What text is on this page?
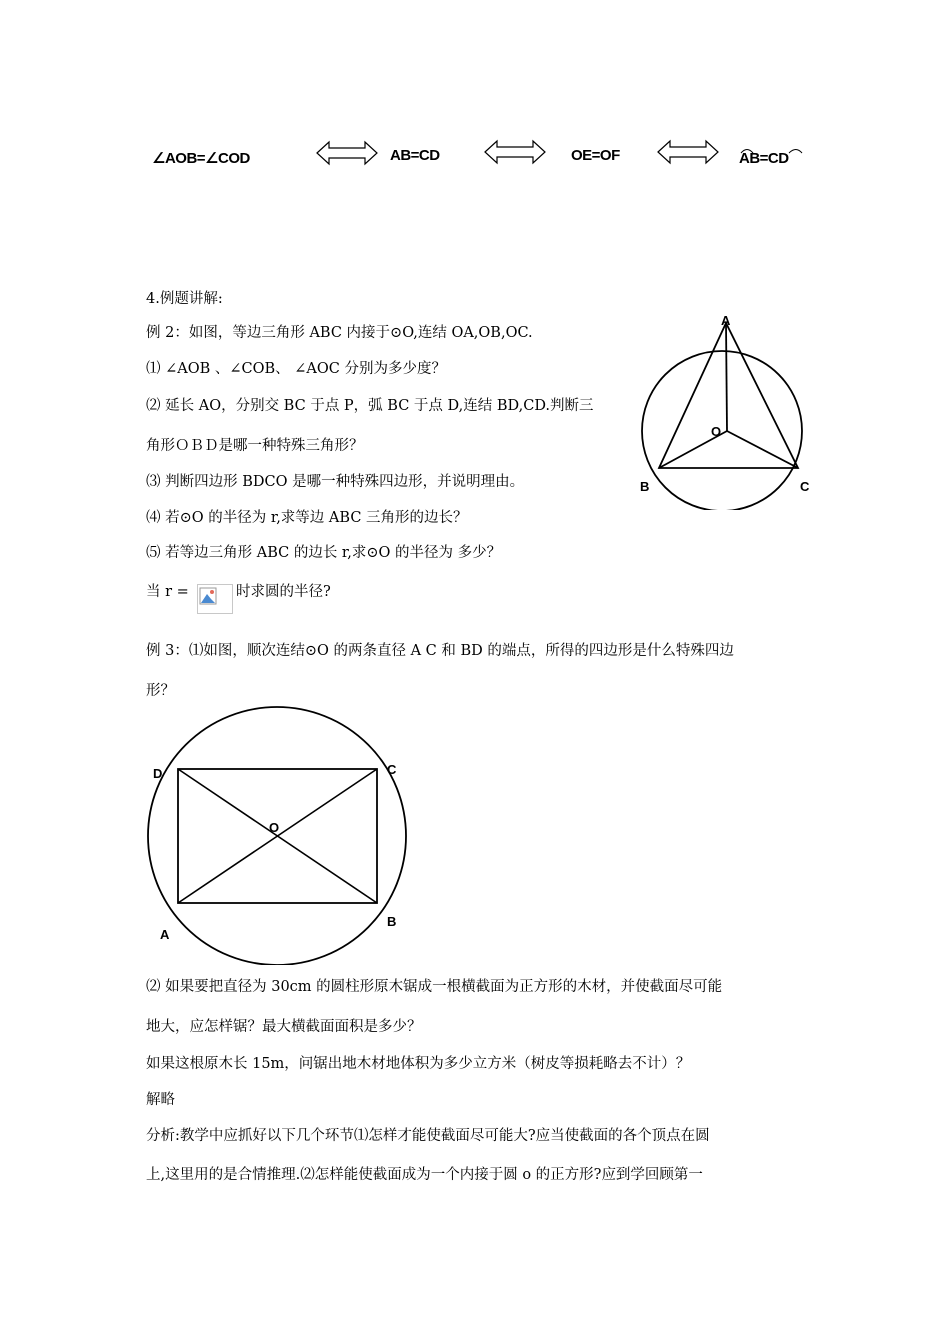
∠AOB=∠COD	AB=CD	OE=OF	AB=CD
4.例题讲解:
例 2：如图，等边三角形 ABC 内接于⊙O,连结 OA,OB,OC.
⑴ ∠AOB 、∠COB、 ∠AOC 分别为多少度？
⑵ 延长 AO，分别交 BC 于点 P，弧 BC 于点 D,连结 BD,CD.判断三
角形ＯＢＤ是哪一种特殊三角形？
⑶ 判断四边形 BDCO 是哪一种特殊四边形，并说明理由。
⑷ 若⊙O 的半径为 r,求等边 ABC 三角形的边长？
⑸ 若等边三角形 ABC 的边长 r,求⊙O 的半径为 多少？
当 r =	时求圆的半径?
A
O
B	C
例 3：⑴如图，顺次连结⊙O 的两条直径 A C 和 BD 的端点，所得的四边形是什么特殊四边
形？
D	C
O
A
B
⑵ 如果要把直径为 30cm 的圆柱形原木锯成一根横截面为正方形的木材，并使截面尽可能
地大，应怎样锯？最大横截面面积是多少？
如果这根原木长 15m，问锯出地木材地体积为多少立方米（树皮等损耗略去不计）？
解略
分析:教学中应抓好以下几个环节⑴怎样才能使截面尽可能大?应当使截面的各个顶点在圆
上,这里用的是合情推理.⑵怎样能使截面成为一个内接于圆 o 的正方形?应到学回顾第一
